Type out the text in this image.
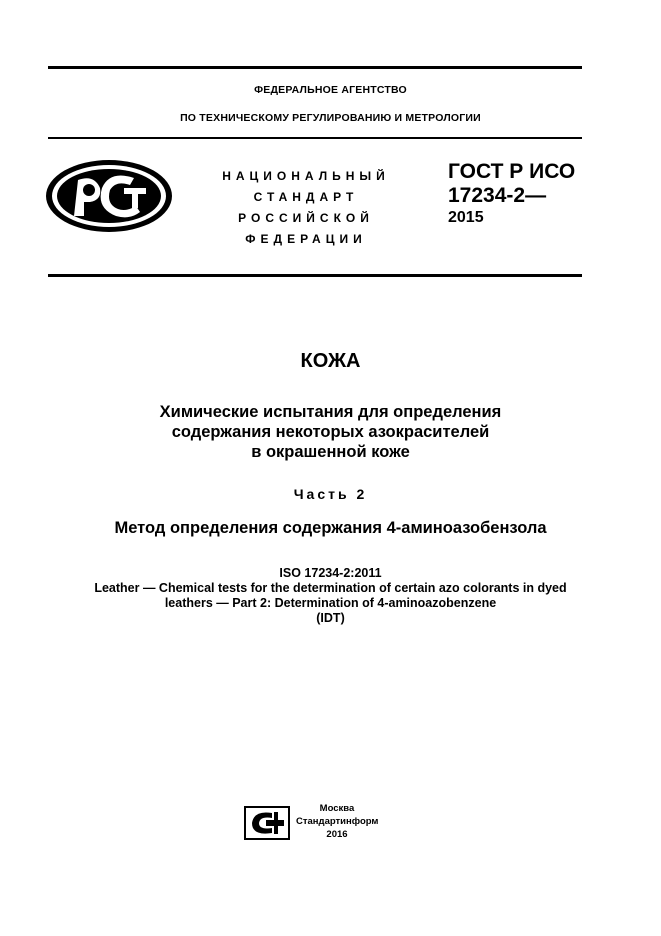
ФЕДЕРАЛЬНОЕ АГЕНТСТВО
ПО ТЕХНИЧЕСКОМУ РЕГУЛИРОВАНИЮ И МЕТРОЛОГИИ
НАЦИОНАЛЬНЫЙ
СТАНДАРТ
РОССИЙСКОЙ
ФЕДЕРАЦИИ
ГОСТ Р ИСО
17234-2—
2015
КОЖА
Химические испытания для определения
содержания некоторых азокрасителей
в окрашенной коже
Часть 2
Метод определения содержания 4-аминоазобензола
ISO 17234-2:2011
Leather — Chemical tests for the determination of certain azo colorants in dyed
leathers — Part 2: Determination of 4-aminoazobenzene
(IDT)
Москва
Стандартинформ
2016
